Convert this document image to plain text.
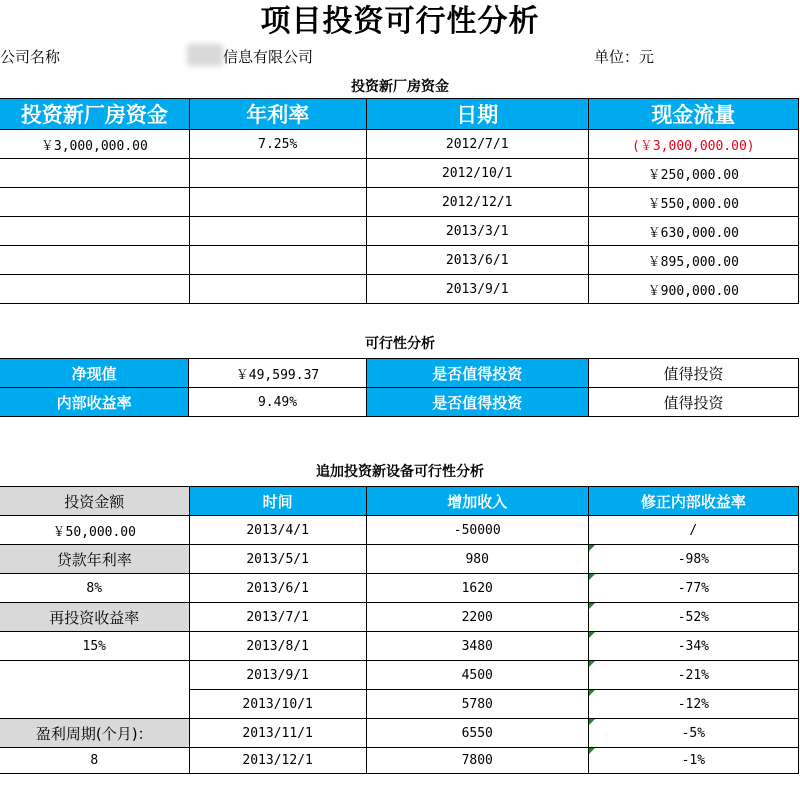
项目投资可行性分析
公司名称	信息有限公司	单位：元
投资新厂房资金
投资新厂房资金	年利率	日期	现金流量
￥3,000,000.00	7.25%	2012/7/1	(￥3,000,000.00)
		2012/10/1	￥250,000.00
		2012/12/1	￥550,000.00
		2013/3/1	￥630,000.00
		2013/6/1	￥895,000.00
		2013/9/1	￥900,000.00
可行性分析
净现值	￥49,599.37	是否值得投资	值得投资
内部收益率	9.49%	是否值得投资	值得投资
追加投资新设备可行性分析
投资金额	时间	增加收入	修正内部收益率
￥50,000.00	2013/4/1	-50000	/
贷款年利率	2013/5/1	980	-98%
8%	2013/6/1	1620	-77%
再投资收益率	2013/7/1	2200	-52%
15%	2013/8/1	3480	-34%
	2013/9/1	4500	-21%
	2013/10/1	5780	-12%
盈利周期(个月)：	2013/11/1	6550	-5%
8	2013/12/1	7800	-1%
